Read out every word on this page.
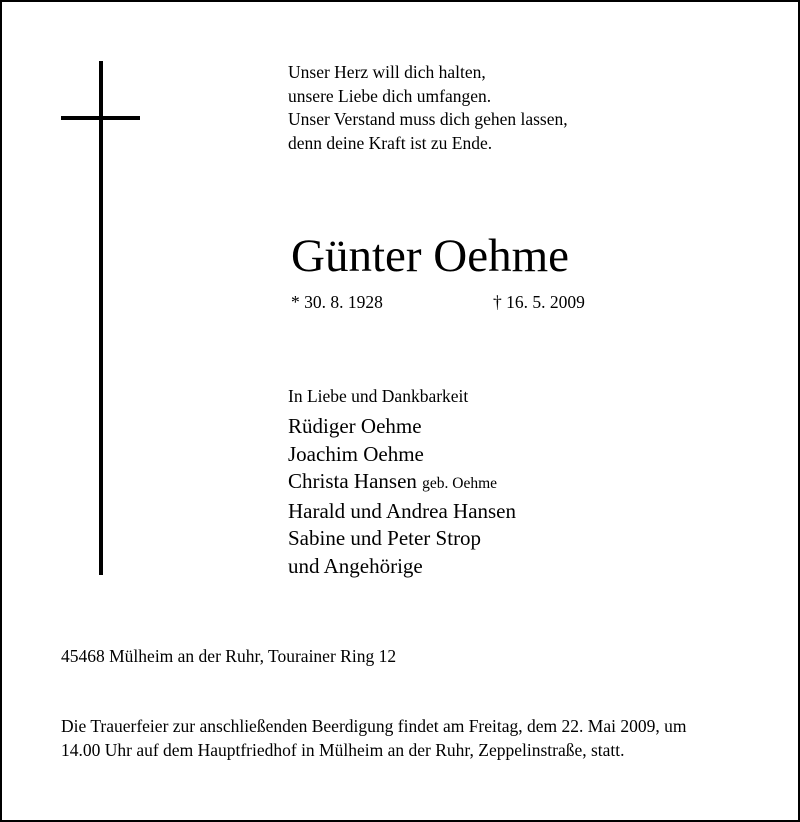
Unser Herz will dich halten,
unsere Liebe dich umfangen.
Unser Verstand muss dich gehen lassen,
denn deine Kraft ist zu Ende.
Günter Oehme
* 30. 8. 1928	† 16. 5. 2009
In Liebe und Dankbarkeit
Rüdiger Oehme
Joachim Oehme
Christa Hansen geb. Oehme
Harald und Andrea Hansen
Sabine und Peter Strop
und Angehörige
45468 Mülheim an der Ruhr, Tourainer Ring 12
Die Trauerfeier zur anschließenden Beerdigung findet am Freitag, dem 22. Mai 2009, um
14.00 Uhr auf dem Hauptfriedhof in Mülheim an der Ruhr, Zeppelinstraße, statt.
